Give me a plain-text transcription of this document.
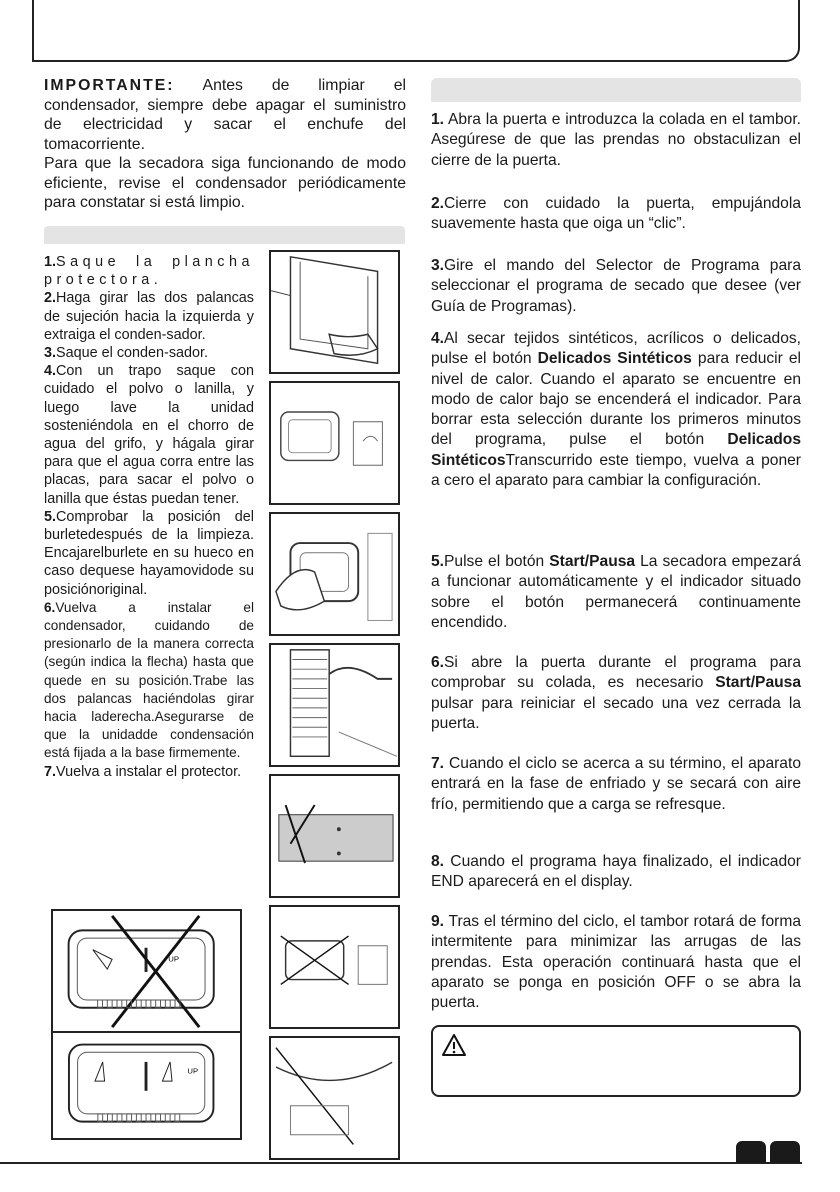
IMPORTANTE: Antes de limpiar el condensador, siempre debe apagar el suministro de electricidad y sacar el enchufe del tomacorriente.

Para que la secadora siga funcionando de modo eficiente, revise el condensador periódicamente para constatar si está limpio.

1.Saque la plancha protectora.

2.Haga girar las dos palancas de sujeción hacia la izquierda y extraiga el conden-sador.

3.Saque el conden-sador.

4.Con un trapo saque con cuidado el polvo o lanilla, y luego lave la unidad sosteniéndola en el chorro de agua del grifo, y hágala girar para que el agua corra entre las placas, para sacar el polvo o lanilla que éstas puedan tener.

5.Comprobar la posición del burletedespués de la limpieza. Encajarelburlete en su hueco en caso dequese hayamovidode su posiciónoriginal.

6.Vuelva a instalar el condensador, cuidando de presionarlo de la manera correcta (según indica la flecha) hasta que quede en su posición.Trabe las dos palancas haciéndolas girar hacia laderecha.Asegurarse de que la unidadde condensación está fijada a la base firmemente.

7.Vuelva a instalar el protector.

UP
UP

1. Abra la puerta e introduzca la colada en el tambor. Asegúrese de que las prendas no obstaculizan el cierre de la puerta.

2.Cierre con cuidado la puerta, empujándola suavemente hasta que oiga un “clic”.

3.Gire el mando del Selector de Programa para seleccionar el programa de secado que desee (ver Guía de Programas).

4.Al secar tejidos sintéticos, acrílicos o delicados, pulse el botón Delicados Sintéticos para reducir el nivel de calor. Cuando el aparato se encuentre en modo de calor bajo se encenderá el indicador. Para borrar esta selección durante los primeros minutos del programa, pulse el botón Delicados SintéticosTranscurrido este tiempo, vuelva a poner a cero el aparato para cambiar la configuración.

5.Pulse el botón Start/Pausa La secadora empezará a funcionar automáticamente y el indicador situado sobre el botón permanecerá continuamente encendido.

6.Si abre la puerta durante el programa para comprobar su colada, es necesario Start/Pausa pulsar para reiniciar el secado una vez cerrada la puerta.

7. Cuando el ciclo se acerca a su término, el aparato entrará en la fase de enfriado y se secará con aire frío, permitiendo que a carga se refresque.

8. Cuando el programa haya finalizado, el indicador END aparecerá en el display.

9. Tras el término del ciclo, el tambor rotará de forma intermitente para minimizar las arrugas de las prendas. Esta operación continuará hasta que el aparato se ponga en posición OFF o se abra la puerta.
